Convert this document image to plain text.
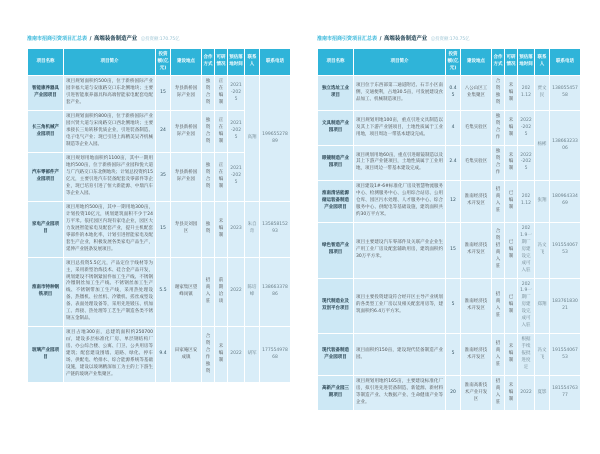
淮南市招商引资项目汇总表 / 高端装备制造产业 总投资额:170.75亿

项目名称	项目简介	投资额(亿元)	建设地点	合作方式	可研情况	预估落地时间	联系人	联系电话
智能康养器具产业园项目	项目规划面积约500亩，位于新桥国际产业园幸福大道与安康路交口东北侧地块；主要引进智能康养器具和高端智能家电配套电配套产业。	15	寿县新桥国际产业园	独资合资	正在编制	2021-2025	高翔	19965527889
长三角机械产业园项目	项目规划面积约800亩，位于新桥国际产业园兴贤大道与宋岗路交口西北侧地块；主要承接长三角转移优质企业，引进装备制造、电子电气产业；现已引进上海精美吴齐机械制造等企业入园。	24	寿县新桥国际产业园	独资合资	正在编制	2021-2025		
汽车零部件产业园项目	项目规划用地面积约1100亩，其中一期用地约500亩，位于新桥国际产业园和悦大道与广汽路交口东北侧地块；计划总投资约15亿元，主要引进汽车装备配套及零部件等企业，现已培育引进了恒大新能源、中鼎汽车等企业入园。	35	寿县新桥国际产业园	独资合资	正在编制	2021-2025		
家电产业园项目	项目用地约500亩，其中一期用地300亩，计划投资10亿元，规划建筑面积不少于24万平米。依托园区内现有家电企业，园区大力发展智能家电及配套产业，提升主机配套零部件的本地化率，计划引进智能家电及配套生产企业，积极发展各类家电产品生产，延伸产业链条发展项目。	15	寿县炎刘园区	独资	未编制	2023	朱自奇	13585815293
淮南市特种钢铁项目	项目总投资5.5亿元，产品定位于线材等为主，采用新型冶炼技术、硅合金产品开发，规划建设不锈钢紧固件加工生产线、不锈钢冷镦钢丝加工生产线、不锈钢丝加工生产线、不锈钢带加工生产线，采用热处理设备、热镦机、拉丝机、冷镦机、搓丝成型设备、表面处理设备等，采用先进锻压、机加工、焊接、热处理等工艺生产制造各类不锈钢五金制品。	5.5	谢家集区望峰岗镇	招商入驻	前期洽谈	2022	陈培峰	13866337886
玻璃产业园项目	项目占地300亩，总建筑面积约250700㎡，建设多层标准化厂房、单层钢结构厂房、办公综合楼、公寓、门卫、公共用房等建筑；配套建设围墙、道路、绿化、停车场、供配电、给排水、综合能源系统等基础设施，建设以玻璃精深加工为主的上下游生产链的玻璃产业集聚区。	9.4	田家庵区安成镇	合资合作独资	未编制	2022	胡军	17755497868

淮南市招商引资项目汇总表 / 高端装备制造产业 总投资额:170.75亿

项目名称	项目简介	投资额(亿元)	建设地点	合作方式	可研情况	预估落地时间	联系人	联系电话
独立选址工业项目	项目位于东西部第二通道附近、石丰小区南侧，交通便利，占地30.5亩，可发展建设食品加工、机械制造项目。	0.45	八公山区工业集聚区	合资独资	未编制	2021.12	贾文民	13805545758
文具制造产业园项目	项目规划用地100亩，重点引进文具制造以及其上下游产业链项目，土地性质属于工业用地，项目周边一带基本建设完成。	4	毛集实验区	独资合作	未编制	2022-2025	杨彬	13866323306
眼镜制造产业园项目	项目规划用地60亩，重点引进眼镜制造以及其上下游产业链项目，土地性质属于工业用地，项目周边一带基本建设完成。	2.4	毛集实验区	独资合作	未编制	2022-2025		
淮南清洁能源储运装备制造产业园项目	项目建设1#-6#标准化厂房及智慧物流服务中心、检测服务中心、公用综合站房、公用仓库、园区污水处理、人才服务中心、综合服务中心、供配电等基础设施，建筑面积共约30万平方米。	12	淮南经济技术开发区	招商入驻	已编制	2021.12	张翔	18096433469
绿色智造产业园项目	项目主要建设汽车零部件及关联产业企业生产用工业厂房及配套辅助用房，建筑面积约30万平方米。	15	淮南经济技术开发区	合资招商入驻	已编制	2021.9一期厂房建设完成可入驻	冯文飞	19155406753
现代制造业及双创平台项目	项目主要投资建设符合经开区主导产业规划的各类型工业厂房以及相关配套用房等，建筑面积约6.4万平方米。	5	淮南经济技术开发区	招商入驻	已编制	2021.9一期厂房建设完成可入驻	郑翔	18376183021
现代装备制造产业园项目	项目面积约150亩，建设现代装备制造产业园。	5	淮南经济技术开发区	招商入驻	未编制	根据手续报批进度定	冯文飞	19155406753
高新产业园三期项目	项目规划用地约165亩，主要建设标准化厂房，拟引进先进装备制造、新能源、新材料等制造产业、大数据产业、生命健康产业等企业。	20	淮南高新技术产业开发区	招商入驻	未编制	2022	夏影	18155476377
